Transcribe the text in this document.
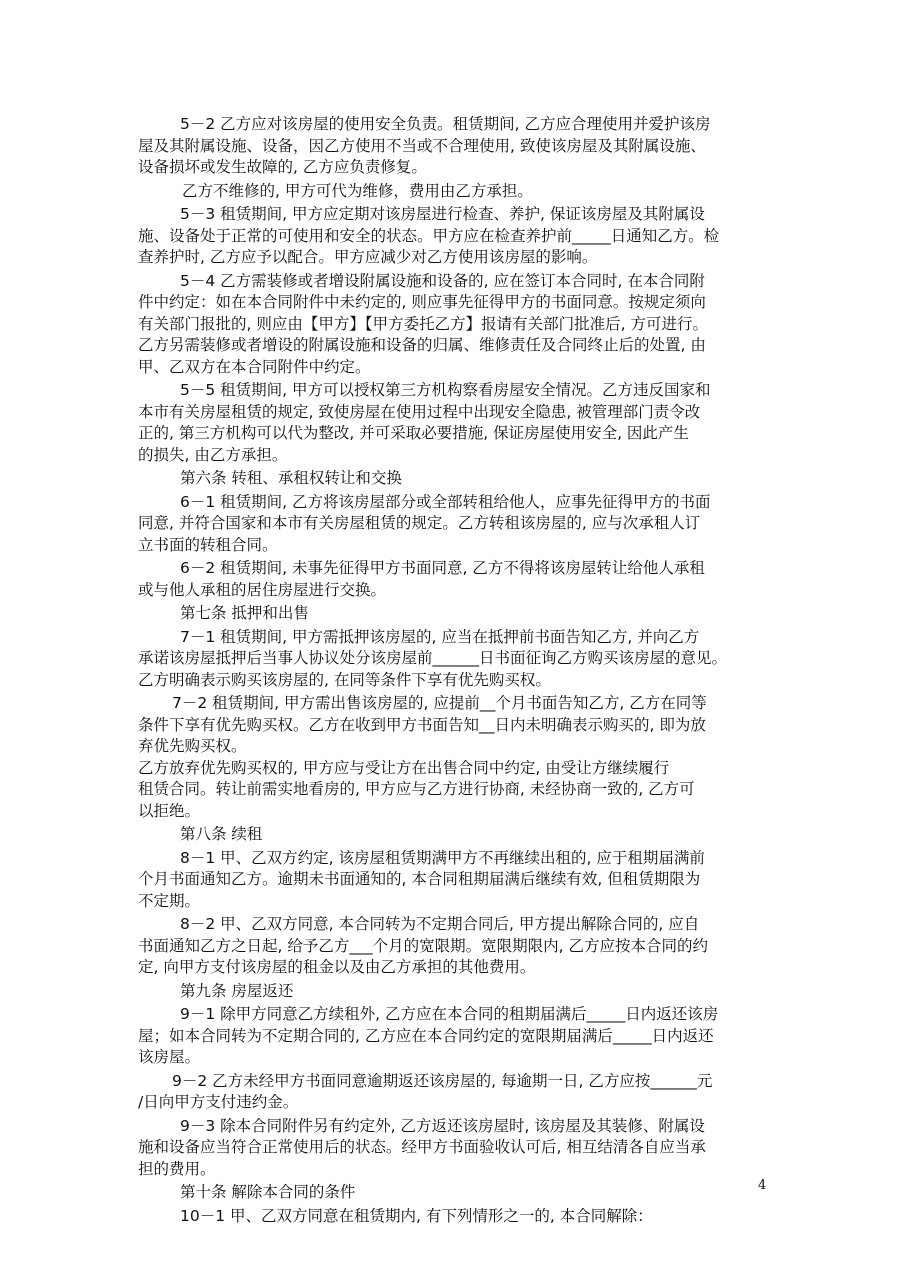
5－2 乙方应对该房屋的使用安全负责。租赁期间, 乙方应合理使用并爱护该房
屋及其附属设施、设备，因乙方使用不当或不合理使用, 致使该房屋及其附属设施、
设备损坏或发生故障的, 乙方应负责修复。
乙方不维修的, 甲方可代为维修，费用由乙方承担。
5－3 租赁期间, 甲方应定期对该房屋进行检查、养护, 保证该房屋及其附属设
施、设备处于正常的可使用和安全的状态。甲方应在检查养护前_____日通知乙方。检
查养护时, 乙方应予以配合。甲方应减少对乙方使用该房屋的影响。
5－4 乙方需装修或者增设附属设施和设备的, 应在签订本合同时, 在本合同附
件中约定：如在本合同附件中未约定的, 则应事先征得甲方的书面同意。按规定须向
有关部门报批的, 则应由【甲方】【甲方委托乙方】报请有关部门批准后, 方可进行。
乙方另需装修或者增设的附属设施和设备的归属、维修责任及合同终止后的处置, 由
甲、乙双方在本合同附件中约定。
5－5 租赁期间, 甲方可以授权第三方机构察看房屋安全情况。乙方违反国家和
本市有关房屋租赁的规定, 致使房屋在使用过程中出现安全隐患, 被管理部门责令改
正的, 第三方机构可以代为整改, 并可采取必要措施, 保证房屋使用安全, 因此产生
的损失, 由乙方承担。
第六条 转租、承租权转让和交换
6－1 租赁期间, 乙方将该房屋部分或全部转租给他人，应事先征得甲方的书面
同意, 并符合国家和本市有关房屋租赁的规定。乙方转租该房屋的, 应与次承租人订
立书面的转租合同。
6－2 租赁期间, 未事先征得甲方书面同意, 乙方不得将该房屋转让给他人承租
或与他人承租的居住房屋进行交换。
第七条 抵押和出售
7－1 租赁期间, 甲方需抵押该房屋的, 应当在抵押前书面告知乙方, 并向乙方
承诺该房屋抵押后当事人协议处分该房屋前______日书面征询乙方购买该房屋的意见。
乙方明确表示购买该房屋的, 在同等条件下享有优先购买权。
7－2 租赁期间, 甲方需出售该房屋的, 应提前__个月书面告知乙方, 乙方在同等
条件下享有优先购买权。乙方在收到甲方书面告知__日内未明确表示购买的, 即为放
弃优先购买权。
乙方放弃优先购买权的, 甲方应与受让方在出售合同中约定, 由受让方继续履行
租赁合同。转让前需实地看房的, 甲方应与乙方进行协商, 未经协商一致的, 乙方可
以拒绝。
第八条 续租
8－1 甲、乙双方约定, 该房屋租赁期满甲方不再继续出租的, 应于租期届满前
个月书面通知乙方。逾期未书面通知的, 本合同租期届满后继续有效, 但租赁期限为
不定期。
8－2 甲、乙双方同意, 本合同转为不定期合同后, 甲方提出解除合同的, 应自
书面通知乙方之日起, 给予乙方___个月的宽限期。宽限期限内, 乙方应按本合同的约
定, 向甲方支付该房屋的租金以及由乙方承担的其他费用。
第九条 房屋返还
9－1 除甲方同意乙方续租外, 乙方应在本合同的租期届满后_____日内返还该房
屋；如本合同转为不定期合同的, 乙方应在本合同约定的宽限期届满后_____日内返还
该房屋。
9－2 乙方未经甲方书面同意逾期返还该房屋的, 每逾期一日, 乙方应按______元
/日向甲方支付违约金。
9－3 除本合同附件另有约定外, 乙方返还该房屋时, 该房屋及其装修、附属设
施和设备应当符合正常使用后的状态。经甲方书面验收认可后, 相互结清各自应当承
担的费用。
第十条 解除本合同的条件
10－1 甲、乙双方同意在租赁期内, 有下列情形之一的, 本合同解除：
4
